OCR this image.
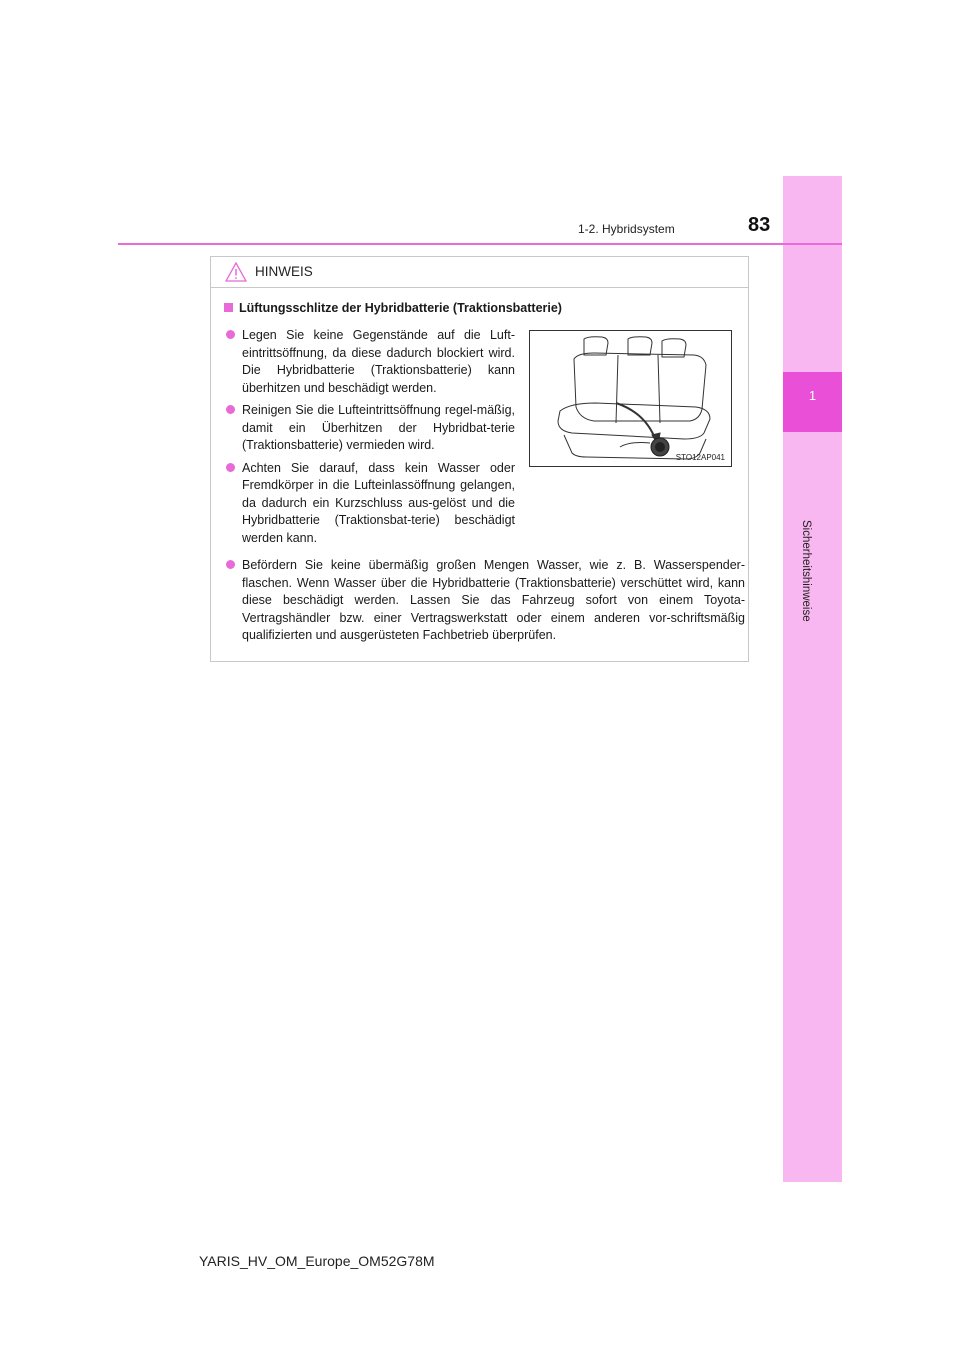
1
Sicherheitshinweise
1-2. Hybridsystem	83
HINWEIS
Lüftungsschlitze der Hybridbatterie (Traktionsbatterie)
Legen Sie keine Gegenstände auf die Luft-eintrittsöffnung, da diese dadurch blockiert wird. Die Hybridbatterie (Traktionsbatterie) kann überhitzen und beschädigt werden.
Reinigen Sie die Lufteintrittsöffnung regel-mäßig, damit ein Überhitzen der Hybridbat-terie (Traktionsbatterie) vermieden wird.
Achten Sie darauf, dass kein Wasser oder Fremdkörper in die Lufteinlassöffnung gelangen, da dadurch ein Kurzschluss aus-gelöst und die Hybridbatterie (Traktionsbat-terie) beschädigt werden kann.
STO12AP041
Befördern Sie keine übermäßig großen Mengen Wasser, wie z. B. Wasserspender-flaschen. Wenn Wasser über die Hybridbatterie (Traktionsbatterie) verschüttet wird, kann diese beschädigt werden. Lassen Sie das Fahrzeug sofort von einem Toyota-Vertragshändler bzw. einer Vertragswerkstatt oder einem anderen vor-schriftsmäßig qualifizierten und ausgerüsteten Fachbetrieb überprüfen.
YARIS_HV_OM_Europe_OM52G78M
